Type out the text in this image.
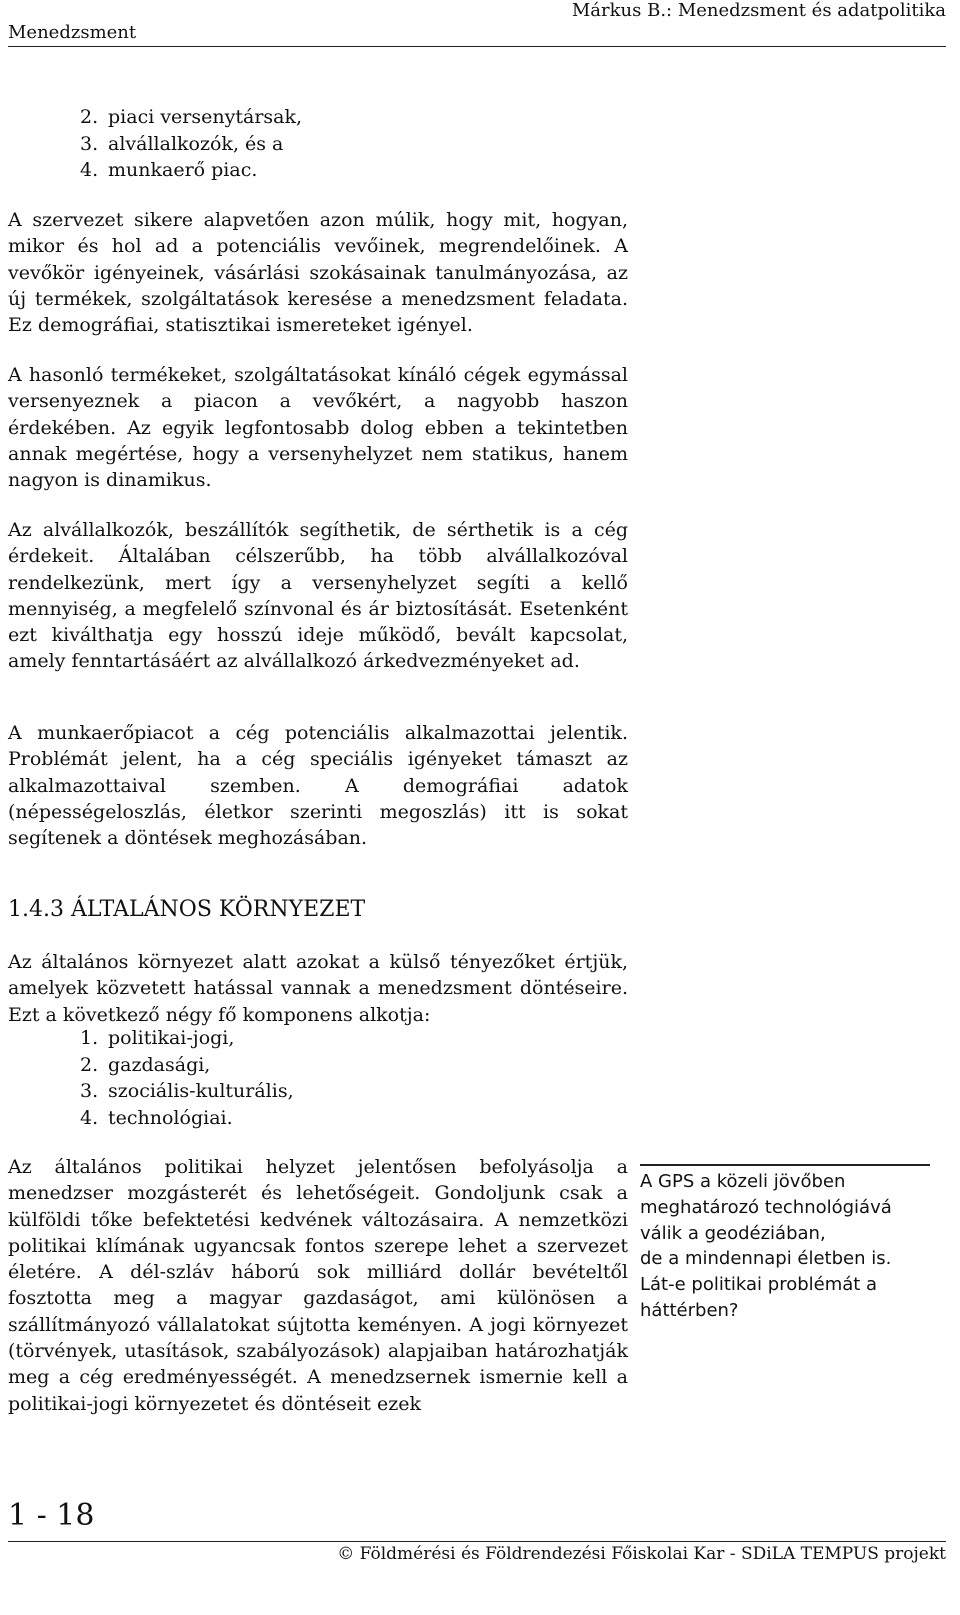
Menedzsment
Márkus B.: Menedzsment és adatpolitika
2. piaci versenytársak,
3. alvállalkozók, és a
4. munkaerő piac.

A szervezet sikere alapvetően azon múlik, hogy mit, hogyan, mikor és hol ad a potenciális vevőinek, megrendelőinek. A vevőkör igényeinek, vásárlási szokásainak tanulmányozása, az új termékek, szolgáltatások keresése a menedzsment feladata. Ez demográfiai, statisztikai ismereteket igényel.

A hasonló termékeket, szolgáltatásokat kínáló cégek egymással versenyeznek a piacon a vevőkért, a nagyobb haszon érdekében. Az egyik legfontosabb dolog ebben a tekintetben annak megértése, hogy a versenyhelyzet nem statikus, hanem nagyon is dinamikus.

Az alvállalkozók, beszállítók segíthetik, de sérthetik is a cég érdekeit. Általában célszerűbb, ha több alvállalkozóval rendelkezünk, mert így a versenyhelyzet segíti a kellő mennyiség, a megfelelő színvonal és ár biztosítását. Esetenként ezt kiválthatja egy hosszú ideje működő, bevált kapcsolat, amely fenntartásáért az alvállalkozó árkedvezményeket ad.

A munkaerőpiacot a cég potenciális alkalmazottai jelentik. Problémát jelent, ha a cég speciális igényeket támaszt az alkalmazottaival szemben. A demográfiai adatok (népességeloszlás, életkor szerinti megoszlás) itt is sokat segítenek a döntések meghozásában.

1.4.3 ÁLTALÁNOS KÖRNYEZET

Az általános környezet alatt azokat a külső tényezőket értjük, amelyek közvetett hatással vannak a menedzsment döntéseire. Ezt a következő négy fő komponens alkotja:

1. politikai-jogi,
2. gazdasági,
3. szociális-kulturális,
4. technológiai.

Az általános politikai helyzet jelentősen befolyásolja a menedzser mozgásterét és lehetőségeit. Gondoljunk csak a külföldi tőke befektetési kedvének változásaira. A nemzetközi politikai klímának ugyancsak fontos szerepe lehet a szervezet életére. A dél-szláv háború sok milliárd dollár bevételtől fosztotta meg a magyar gazdaságot, ami különösen a szállítmányozó vállalatokat sújtotta keményen. A jogi környezet (törvények, utasítások, szabályozások) alapjaiban határozhatják meg a cég eredményességét. A menedzsernek ismernie kell a politikai-jogi környezetet és döntéseit ezek

A GPS a közeli jövőben
meghatározó technológiává
válik a geodéziában,
de a mindennapi életben is.
Lát-e politikai problémát a
háttérben?

1 - 18
© Földmérési és Földrendezési Főiskolai Kar - SDiLA TEMPUS projekt
